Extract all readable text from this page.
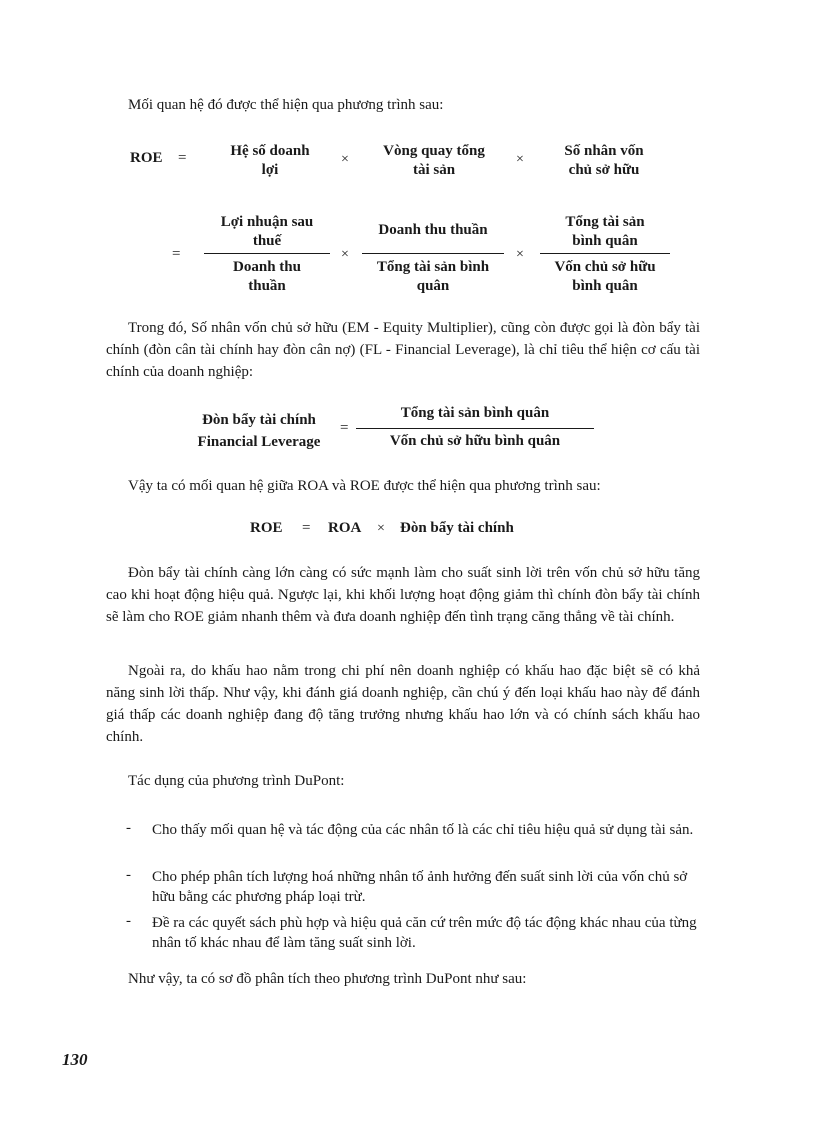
Mối quan hệ đó được thể hiện qua phương trình sau:

ROE =	Hệ số doanh
lợi
×
Vòng quay tổng
tài sản
×
Số nhân vốn
chủ sở hữu
=
Lợi nhuận sau
thuế
Doanh thu
thuần
×
Doanh thu thuần
Tổng tài sản bình
quân
×
Tổng tài sản
bình quân
Vốn chủ sở hữu
bình quân

Trong đó, Số nhân vốn chủ sở hữu (EM - Equity Multiplier), cũng còn được gọi là đòn bẩy tài chính (đòn cân tài chính hay đòn cân nợ) (FL - Financial Leverage), là chỉ tiêu thể hiện cơ cấu tài chính của doanh nghiệp:

Đòn bẩy tài chính
Financial Leverage
=
Tổng tài sản bình quân
Vốn chủ sở hữu bình quân

Vậy ta có mối quan hệ giữa ROA và ROE được thể hiện qua phương trình sau:

ROE = ROA × Đòn bẩy tài chính

Đòn bẩy tài chính càng lớn càng có sức mạnh làm cho suất sinh lời trên vốn chủ sở hữu tăng cao khi hoạt động hiệu quả. Ngược lại, khi khối lượng hoạt động giảm thì chính đòn bẩy tài chính sẽ làm cho ROE giảm nhanh thêm và đưa doanh nghiệp đến tình trạng căng thẳng về tài chính.

Ngoài ra, do khấu hao nằm trong chi phí nên doanh nghiệp có khấu hao đặc biệt sẽ có khả năng sinh lời thấp. Như vậy, khi đánh giá doanh nghiệp, cần chú ý đến loại khấu hao này để đánh giá thấp các doanh nghiệp đang độ tăng trưởng nhưng khấu hao lớn và có chính sách khấu hao chính.

Tác dụng của phương trình DuPont:

- Cho thấy mối quan hệ và tác động của các nhân tố là các chỉ tiêu hiệu quả sử dụng tài sản.

- Cho phép phân tích lượng hoá những nhân tố ảnh hưởng đến suất sinh lời của vốn chủ sở hữu bằng các phương pháp loại trừ.

- Đề ra các quyết sách phù hợp và hiệu quả căn cứ trên mức độ tác động khác nhau của từng nhân tố khác nhau để làm tăng suất sinh lời.

Như vậy, ta có sơ đồ phân tích theo phương trình DuPont như sau:

130
